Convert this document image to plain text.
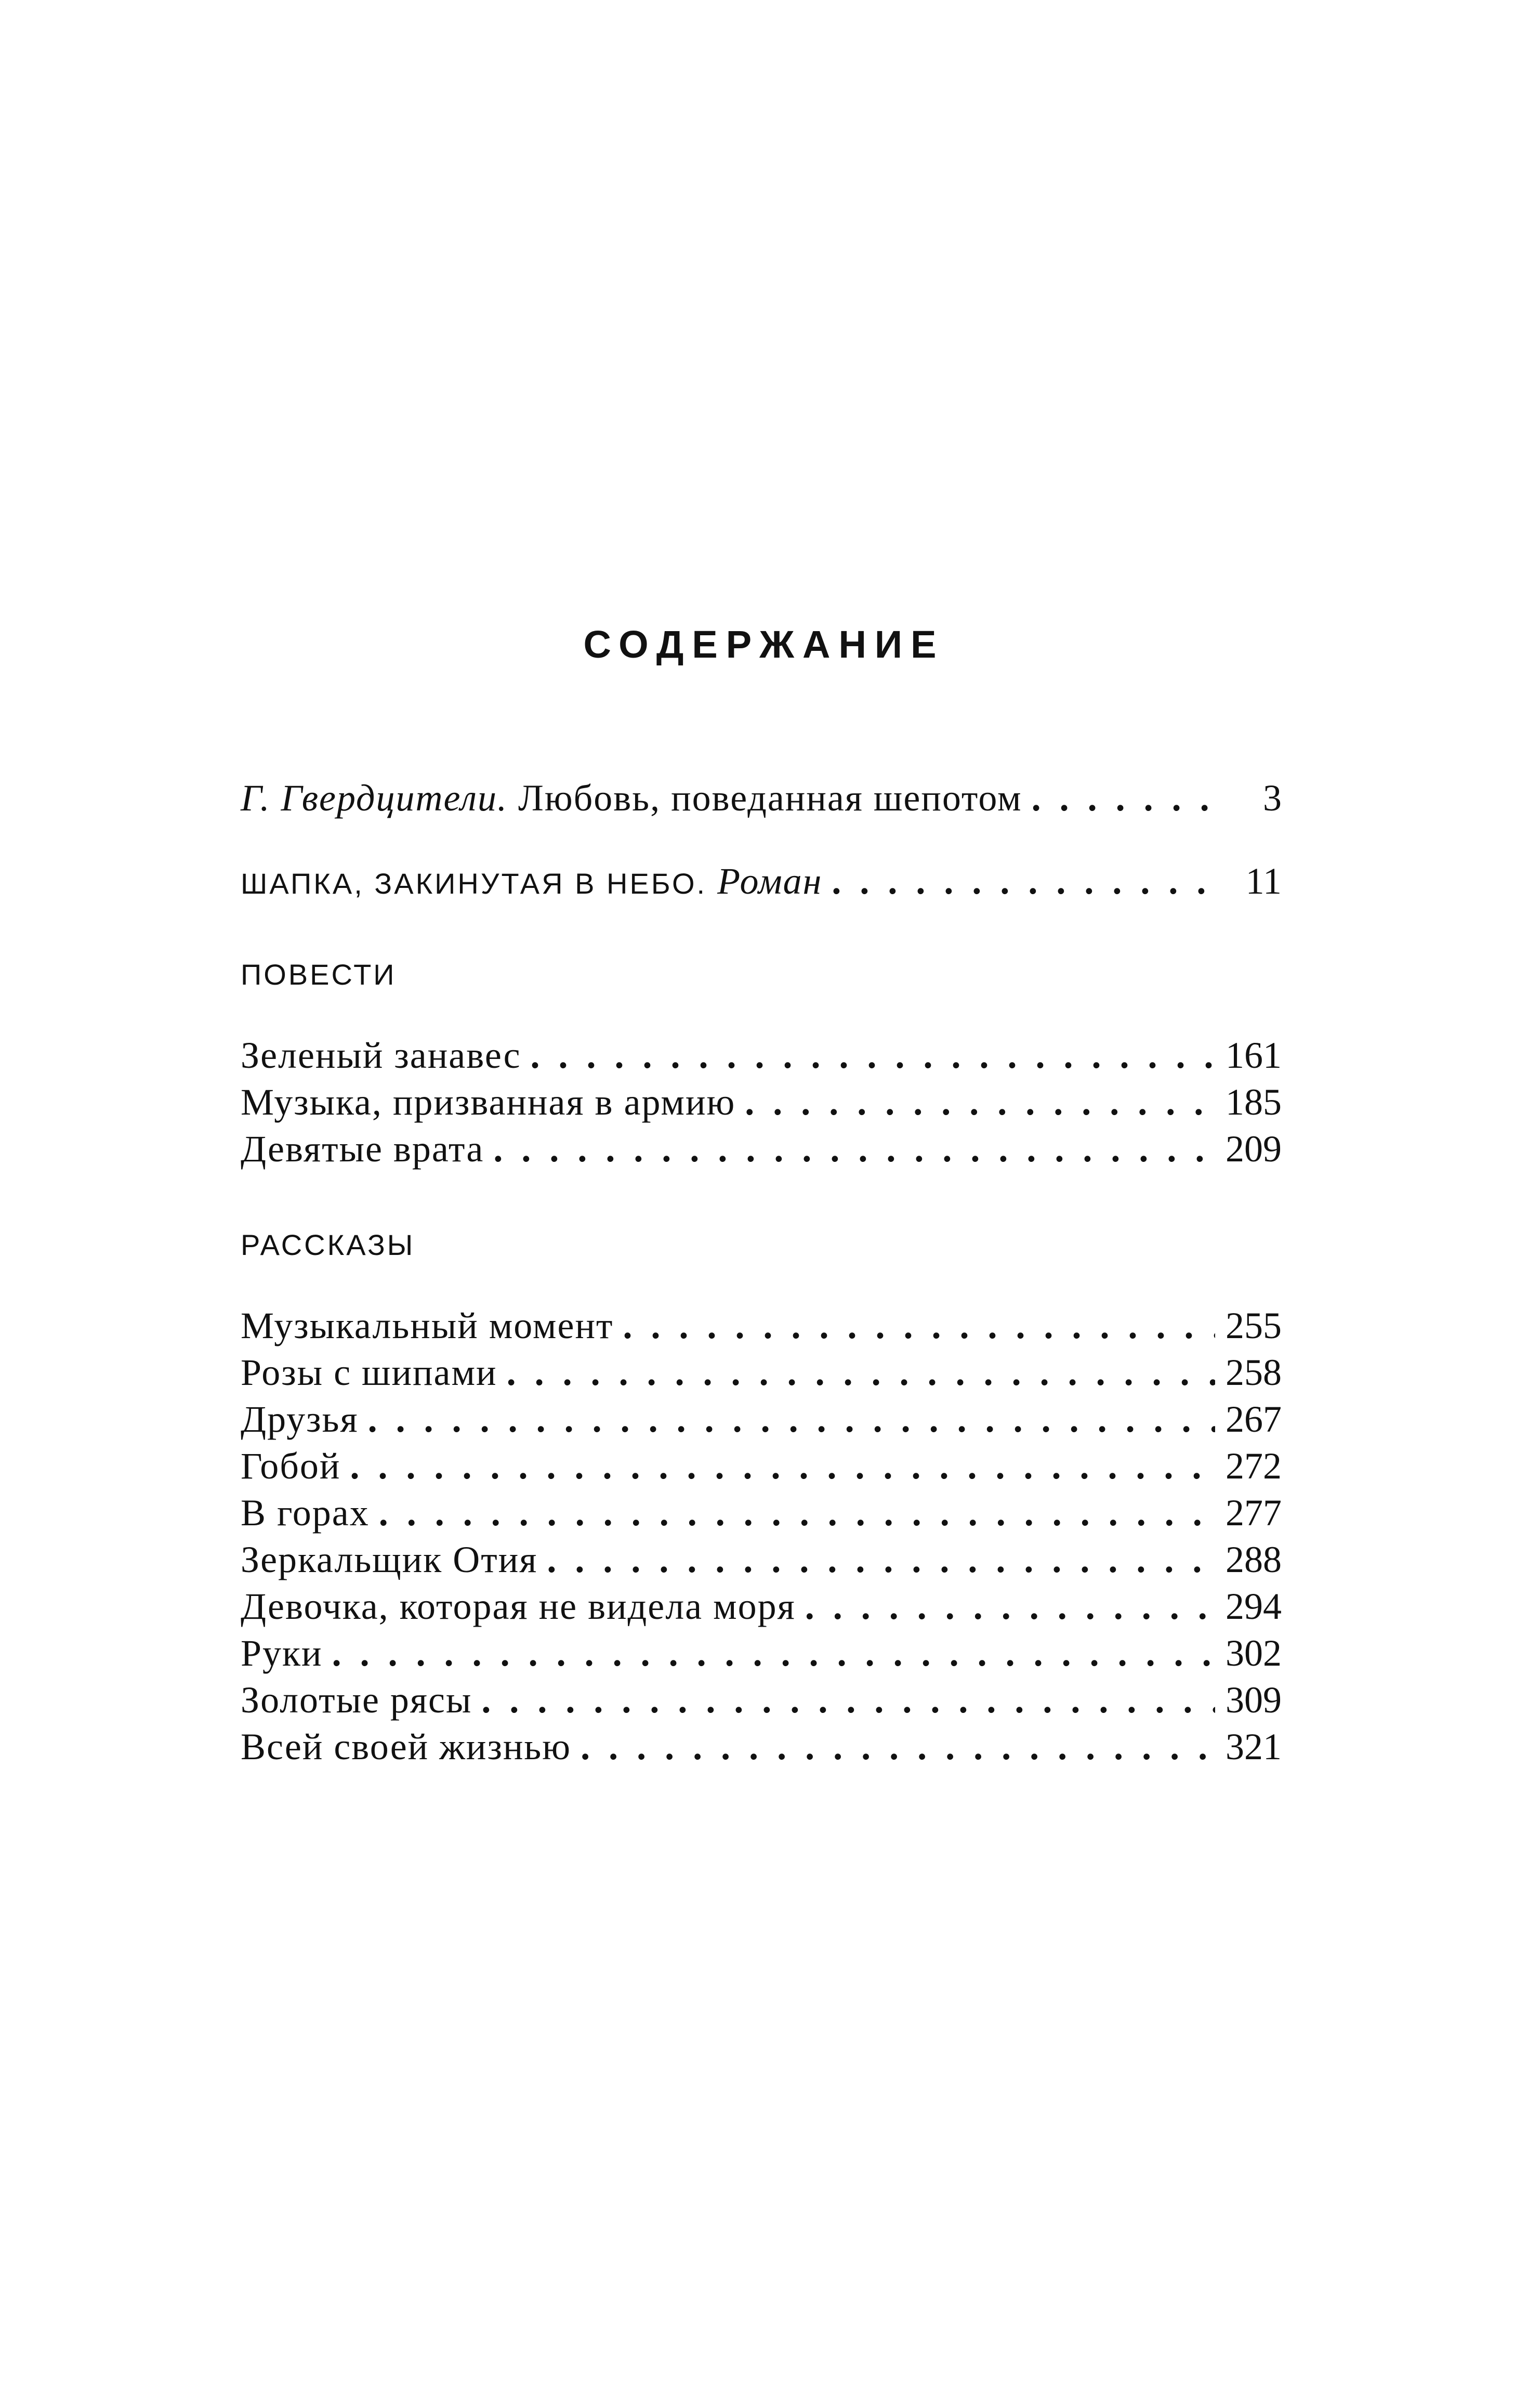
СОДЕРЖАНИЕ
Г. Гвердцители. Любовь, поведанная шепотом . . .	3
ШАПКА, ЗАКИНУТАЯ В НЕБО. Роман . . .	11
ПОВЕСТИ
Зеленый занавес . . .	161
Музыка, призванная в армию . . .	185
Девятые врата . . .	209
РАССКАЗЫ
Музыкальный момент . . .	255
Розы с шипами . . .	258
Друзья . . .	267
Гобой . . .	272
В горах . . .	277
Зеркальщик Отия . . .	288
Девочка, которая не видела моря . . .	294
Руки . . .	302
Золотые рясы . . .	309
Всей своей жизнью . . .	321
